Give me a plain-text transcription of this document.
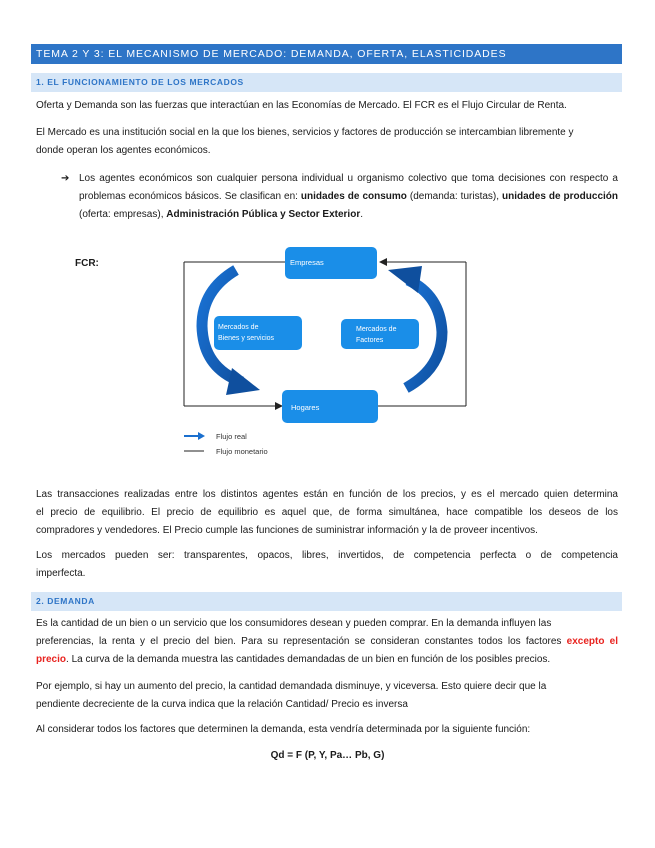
TEMA 2 Y 3: EL MECANISMO DE MERCADO: DEMANDA, OFERTA, ELASTICIDADES
1. EL FUNCIONAMIENTO DE LOS MERCADOS

Oferta y Demanda son las fuerzas que interactúan en las Economías de Mercado. El FCR es el Flujo Circular de Renta.

El Mercado es una institución social en la que los bienes, servicios y factores de producción se intercambian libremente y
donde operan los agentes económicos.

➔ Los agentes económicos son cualquier persona individual u organismo colectivo que toma decisiones con respecto a problemas económicos básicos. Se clasifican en: unidades de consumo (demanda: turistas), unidades de producción (oferta: empresas), Administración Pública y Sector Exterior.

FCR:	Empresas
Hogares
Mercados de
Bienes y servicios
Mercados de
Factores
Flujo real
Flujo monetario

Las transacciones realizadas entre los distintos agentes están en función de los precios, y es el mercado quien determina
el precio de equilibrio. El precio de equilibrio es aquel que, de forma simultánea, hace compatible los deseos de los
compradores y vendedores. El Precio cumple las funciones de suministrar información y la de proveer incentivos.

Los mercados pueden ser: transparentes, opacos, libres, invertidos, de competencia perfecta o de competencia
imperfecta.

2. DEMANDA

Es la cantidad de un bien o un servicio que los consumidores desean y pueden comprar. En la demanda influyen las
preferencias, la renta y el precio del bien. Para su representación se consideran constantes todos los factores excepto el
precio. La curva de la demanda muestra las cantidades demandadas de un bien en función de los posibles precios.

Por ejemplo, si hay un aumento del precio, la cantidad demandada disminuye, y viceversa. Esto quiere decir que la
pendiente decreciente de la curva indica que la relación Cantidad/ Precio es inversa

Al considerar todos los factores que determinen la demanda, esta vendría determinada por la siguiente función:

Qd = F (P, Y, Pa… Pb, G)
